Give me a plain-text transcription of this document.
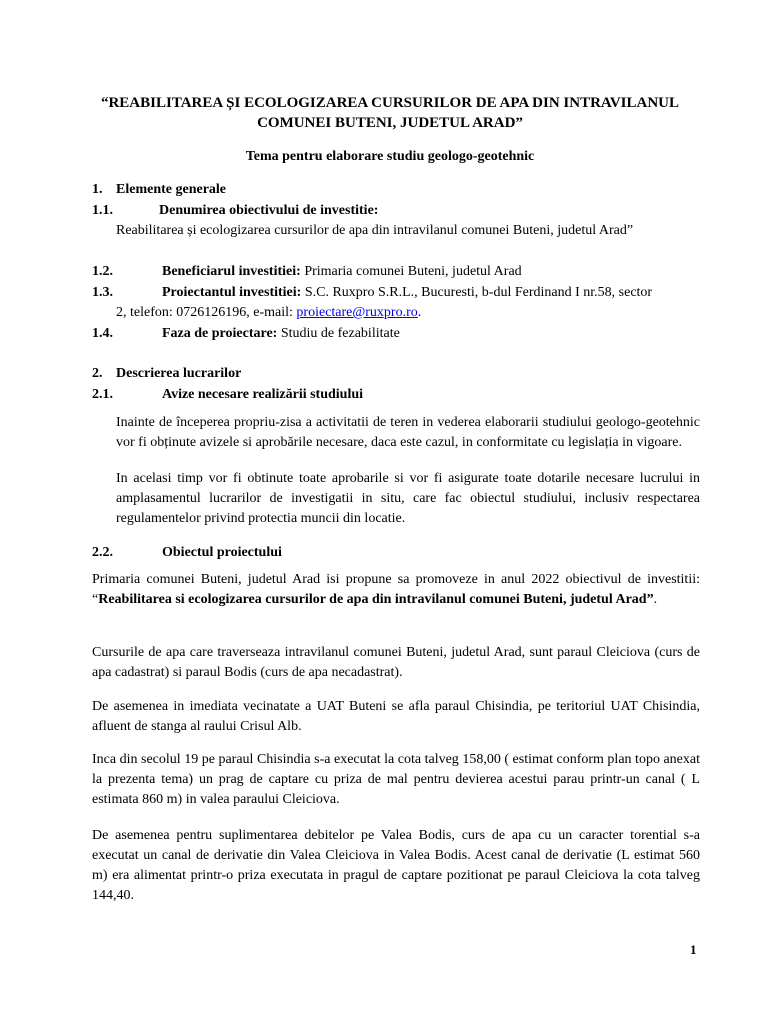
“REABILITAREA ȘI ECOLOGIZAREA CURSURILOR DE APA DIN INTRAVILANUL
COMUNEI BUTENI, JUDETUL ARAD”
Tema pentru elaborare studiu geologo-geotehnic
1. Elemente generale
1.1.	Denumirea obiectivului de investitie:
Reabilitarea și ecologizarea cursurilor de apa din intravilanul comunei Buteni, judetul Arad”
1.2.	Beneficiarul investitiei: Primaria comunei Buteni, judetul Arad
1.3.	Proiectantul investitiei: S.C. Ruxpro S.R.L., Bucuresti, b-dul Ferdinand I nr.58, sector
2, telefon: 0726126196, e-mail: proiectare@ruxpro.ro.
1.4.	Faza de proiectare: Studiu de fezabilitate
2. Descrierea lucrarilor
2.1.	Avize necesare realizării studiului
Inainte de începerea propriu-zisa a activitatii de teren in vederea elaborarii studiului geologo-geotehnic vor fi obținute avizele si aprobările necesare, daca este cazul, in conformitate cu legislația in vigoare.
In acelasi timp vor fi obtinute toate aprobarile si vor fi asigurate toate dotarile necesare lucrului in amplasamentul lucrarilor de investigatii in situ, care fac obiectul studiului, inclusiv respectarea regulamentelor privind protectia muncii din locatie.
2.2.	Obiectul proiectului
Primaria comunei Buteni, judetul Arad isi propune sa promoveze in anul 2022 obiectivul de investitii: “Reabilitarea si ecologizarea cursurilor de apa din intravilanul comunei Buteni, judetul Arad”.
Cursurile de apa care traverseaza intravilanul comunei Buteni, judetul Arad, sunt paraul Cleiciova (curs de apa cadastrat) si paraul Bodis (curs de apa necadastrat).
De asemenea in imediata vecinatate a UAT Buteni se afla paraul Chisindia, pe teritoriul UAT Chisindia, afluent de stanga al raului Crisul Alb.
Inca din secolul 19 pe paraul Chisindia s-a executat la cota talveg 158,00 ( estimat conform plan topo anexat la prezenta tema) un prag de captare cu priza de mal pentru devierea acestui parau printr-un canal ( L estimata 860 m) in valea paraului Cleiciova.
De asemenea pentru suplimentarea debitelor pe Valea Bodis, curs de apa cu un caracter torential s-a executat un canal de derivatie din Valea Cleiciova in Valea Bodis. Acest canal de derivatie (L estimat 560 m) era alimentat printr-o priza executata in pragul de captare pozitionat pe paraul Cleiciova la cota talveg 144,40.
1
